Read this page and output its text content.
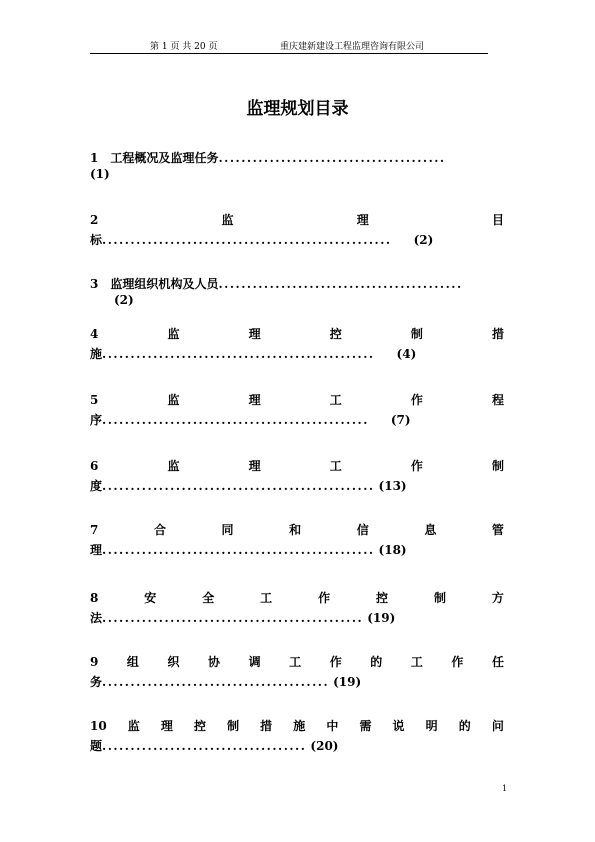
第 1 页 共 20 页	重庆建新建设工程监理咨询有限公司
监理规划目录
1 工程概况及监理任务........................................
(1)
2	监	理	目
标................................................... (2)
3 监理组织机构及人员...........................................
(2)
4	监	理	控	制	措
施................................................ (4)
5	监	理	工	作	程
序............................................... (7)
6	监	理	工	作	制
度................................................ (13)
7	合	同	和	信	息	管
理................................................ (18)
8	安	全	工	作	控	制	方
法.............................................. (19)
9 组 织 协 调 工 作 的 工 作 任
务........................................ (19)
10 监 理 控 制 措 施 中 需 说 明 的 问
题.................................... (20)
1
